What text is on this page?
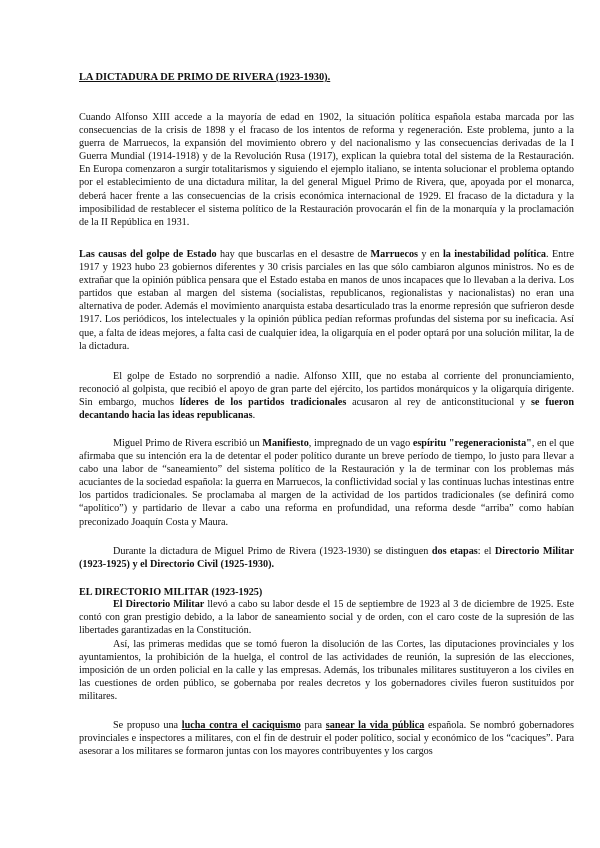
LA DICTADURA DE PRIMO DE RIVERA (1923-1930).

Cuando Alfonso XIII accede a la mayoría de edad en 1902, la situación política española estaba marcada por las consecuencias de la crisis de 1898 y el fracaso de los intentos de reforma y regeneración. Este problema, junto a la guerra de Marruecos, la expansión del movimiento obrero y del nacionalismo y las consecuencias derivadas de la I Guerra Mundial (1914-1918) y de la Revolución Rusa (1917), explican la quiebra total del sistema de la Restauración. En Europa comenzaron a surgir totalitarismos y siguiendo el ejemplo italiano, se intenta solucionar el problema optando por el establecimiento de una dictadura militar, la del general Miguel Primo de Rivera, que, apoyada por el monarca, deberá hacer frente a las consecuencias de la crisis económica internacional de 1929. El fracaso de la dictadura y la imposibilidad de restablecer el sistema político de la Restauración provocarán el fin de la monarquía y la proclamación de la II República en 1931.

Las causas del golpe de Estado hay que buscarlas en el desastre de Marruecos y en la inestabilidad política. Entre 1917 y 1923 hubo 23 gobiernos diferentes y 30 crisis parciales en las que sólo cambiaron algunos ministros. No es de extrañar que la opinión pública pensara que el Estado estaba en manos de unos incapaces que lo llevaban a la deriva. Los partidos que estaban al margen del sistema (socialistas, republicanos, regionalistas y nacionalistas) no eran una alternativa de poder. Además el movimiento anarquista estaba desarticulado tras la enorme represión que sufrieron desde 1917. Los periódicos, los intelectuales y la opinión pública pedían reformas profundas del sistema por su ineficacia. Así que, a falta de ideas mejores, a falta casi de cualquier idea, la oligarquía en el poder optará por una solución militar, la de la dictadura.

El golpe de Estado no sorprendió a nadie. Alfonso XIII, que no estaba al corriente del pronunciamiento, reconoció al golpista, que recibió el apoyo de gran parte del ejército, los partidos monárquicos y la oligarquía dirigente. Sin embargo, muchos líderes de los partidos tradicionales acusaron al rey de anticonstitucional y se fueron decantando hacia las ideas republicanas.

Miguel Primo de Rivera escribió un Manifiesto, impregnado de un vago espíritu "regeneracionista", en el que afirmaba que su intención era la de detentar el poder político durante un breve período de tiempo, lo justo para llevar a cabo una labor de “saneamiento” del sistema político de la Restauración y la de terminar con los problemas más acuciantes de la sociedad española: la guerra en Marruecos, la conflictividad social y las continuas luchas intestinas entre los partidos tradicionales. Se proclamaba al margen de la actividad de los partidos tradicionales (se definirá como “apolítico”) y partidario de llevar a cabo una reforma en profundidad, una reforma desde “arriba” como habían preconizado Joaquín Costa y Maura.

Durante la dictadura de Miguel Primo de Rivera (1923-1930) se distinguen dos etapas: el Directorio Militar (1923-1925) y el Directorio Civil (1925-1930).

EL DIRECTORIO MILITAR (1923-1925)

El Directorio Militar llevó a cabo su labor desde el 15 de septiembre de 1923 al 3 de diciembre de 1925. Este contó con gran prestigio debido, a la labor de saneamiento social y de orden, con el caro coste de la supresión de las libertades garantizadas en la Constitución.

Así, las primeras medidas que se tomó fueron la disolución de las Cortes, las diputaciones provinciales y los ayuntamientos, la prohibición de la huelga, el control de las actividades de reunión, la supresión de las elecciones, imposición de un orden policial en la calle y las empresas. Además, los tribunales militares sustituyeron a los civiles en las cuestiones de orden público, se gobernaba por reales decretos y los gobernadores civiles fueron sustituidos por militares.

Se propuso una lucha contra el caciquismo para sanear la vida pública española. Se nombró gobernadores provinciales e inspectores a militares, con el fin de destruir el poder político, social y económico de los “caciques”. Para asesorar a los militares se formaron juntas con los mayores contribuyentes y los cargos
